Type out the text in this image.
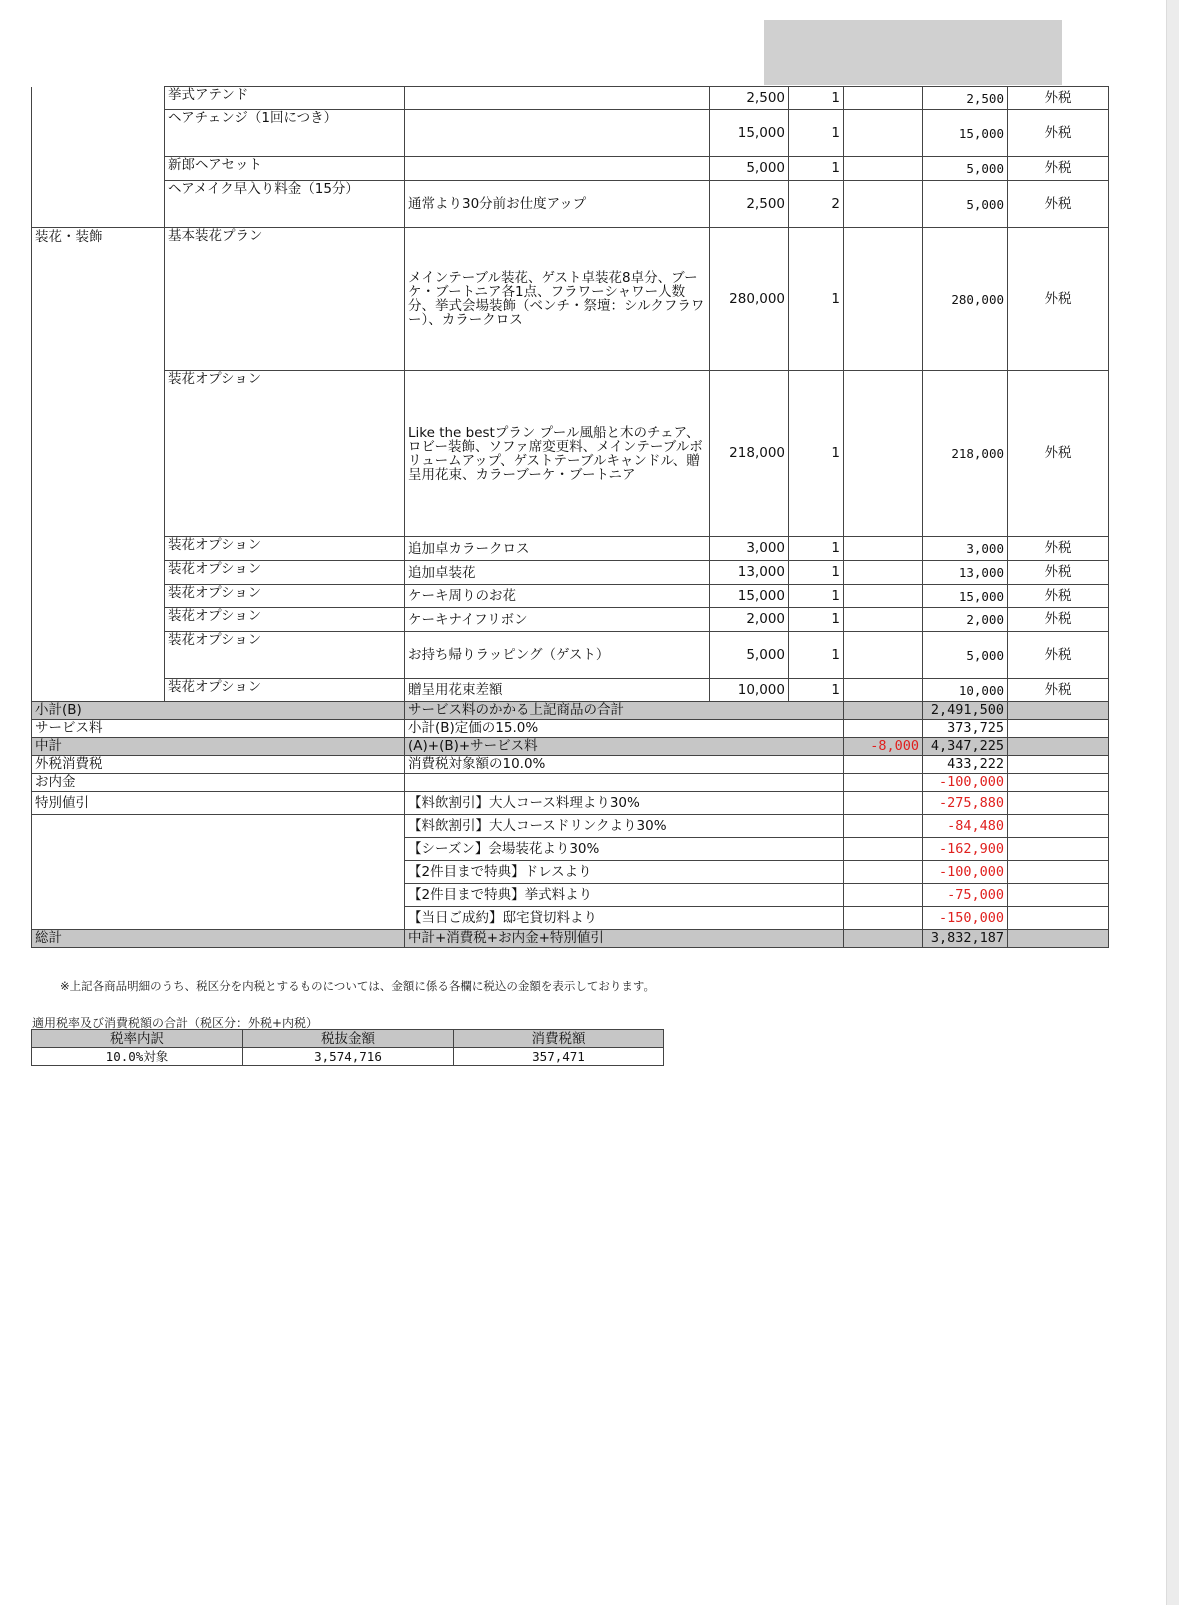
	挙式アテンド		2,500	1		2,500	外税
	ヘアチェンジ（1回につき）		15,000	1		15,000	外税
	新郎ヘアセット		5,000	1		5,000	外税
	ヘアメイク早入り料金（15分）	通常より30分前お仕度アップ	2,500	2		5,000	外税
装花・装飾	基本装花プラン	メインテーブル装花、ゲスト卓装花8卓分、ブーケ・ブートニア各1点、フラワーシャワー人数分、挙式会場装飾（ベンチ・祭壇：シルクフラワー）、カラークロス	280,000	1		280,000	外税
	装花オプション	Like the bestプラン プール風船と木のチェア、ロビー装飾、ソファ席変更料、メインテーブルボリュームアップ、ゲストテーブルキャンドル、贈呈用花束、カラーブーケ・ブートニア	218,000	1		218,000	外税
	装花オプション	追加卓カラークロス	3,000	1		3,000	外税
	装花オプション	追加卓装花	13,000	1		13,000	外税
	装花オプション	ケーキ周りのお花	15,000	1		15,000	外税
	装花オプション	ケーキナイフリボン	2,000	1		2,000	外税
	装花オプション	お持ち帰りラッピング（ゲスト）	5,000	1		5,000	外税
	装花オプション	贈呈用花束差額	10,000	1		10,000	外税
小計(B)		サービス料のかかる上記商品の合計				2,491,500	
サービス料		小計(B)定価の15.0%				373,725	
中計		(A)+(B)+サービス料			-8,000	4,347,225	
外税消費税		消費税対象額の10.0%				433,222	
お内金						-100,000	
特別値引		【料飲割引】大人コース料理より30%				-275,880	
		【料飲割引】大人コースドリンクより30%				-84,480	
		【シーズン】会場装花より30%				-162,900	
		【2件目まで特典】ドレスより				-100,000	
		【2件目まで特典】挙式料より				-75,000	
		【当日ご成約】邸宅貸切料より				-150,000	
総計		中計+消費税+お内金+特別値引				3,832,187	
※上記各商品明細のうち、税区分を内税とするものについては、金額に係る各欄に税込の金額を表示しております。
適用税率及び消費税額の合計（税区分：外税+内税）
税率内訳	税抜金額	消費税額
10.0%対象	3,574,716	357,471
